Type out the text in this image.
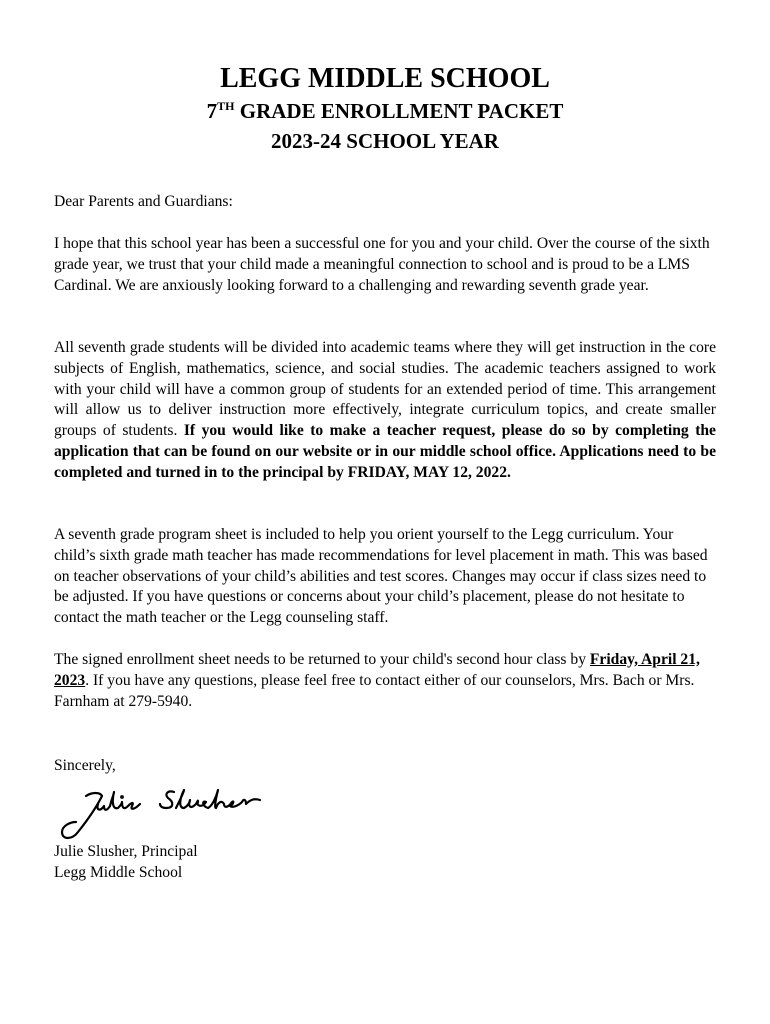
LEGG MIDDLE SCHOOL
7TH GRADE ENROLLMENT PACKET
2023-24 SCHOOL YEAR
Dear Parents and Guardians:

I hope that this school year has been a successful one for you and your child. Over the course of the sixth grade year, we trust that your child made a meaningful connection to school and is proud to be a LMS Cardinal. We are anxiously looking forward to a challenging and rewarding seventh grade year.

All seventh grade students will be divided into academic teams where they will get instruction in the core subjects of English, mathematics, science, and social studies. The academic teachers assigned to work with your child will have a common group of students for an extended period of time. This arrangement will allow us to deliver instruction more effectively, integrate curriculum topics, and create smaller groups of students. If you would like to make a teacher request, please do so by completing the application that can be found on our website or in our middle school office. Applications need to be completed and turned in to the principal by FRIDAY, MAY 12, 2022.

A seventh grade program sheet is included to help you orient yourself to the Legg curriculum. Your child’s sixth grade math teacher has made recommendations for level placement in math. This was based on teacher observations of your child’s abilities and test scores. Changes may occur if class sizes need to be adjusted. If you have questions or concerns about your child’s placement, please do not hesitate to contact the math teacher or the Legg counseling staff.

The signed enrollment sheet needs to be returned to your child's second hour class by Friday, April 21, 2023. If you have any questions, please feel free to contact either of our counselors, Mrs. Bach or Mrs. Farnham at 279-5940.

Sincerely,
Julie Slusher, Principal
Legg Middle School
